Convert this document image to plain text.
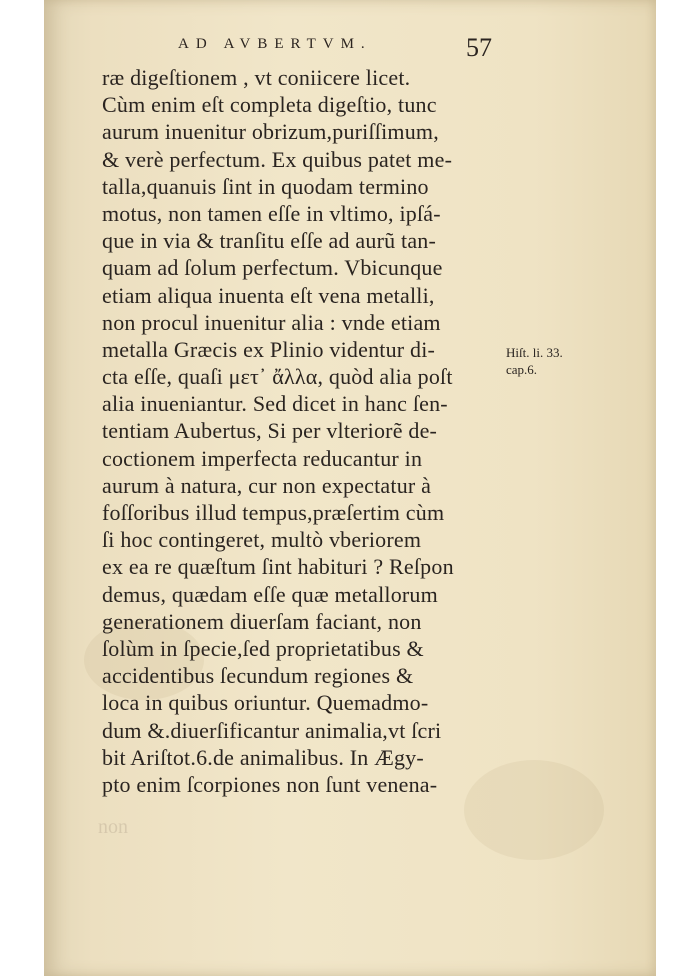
AD AVBERTVM.	57
ræ digeſtionem , vt coniicere licet.
Cùm enim eſt completa digeſtio, tunc
aurum inuenitur obrizum,puriſſimum,
& verè perfectum. Ex quibus patet me-
talla,quanuis ſint in quodam termino
motus, non tamen eſſe in vltimo, ipſá-
que in via & tranſitu eſſe ad aurũ tan-
quam ad ſolum perfectum. Vbicunque
etiam aliqua inuenta eſt vena metalli,
non procul inuenitur alia : vnde etiam
metalla Græcis ex Plinio videntur di-
cta eſſe, quaſi μετ᾽ ἄλλα, quòd alia poſt
alia inueniantur. Sed dicet in hanc ſen-
tentiam Aubertus, Si per vlteriorẽ de-
coctionem imperfecta reducantur in
aurum à natura, cur non expectatur à
foſſoribus illud tempus,præſertim cùm
ſi hoc contingeret, multò vberiorem
ex ea re quæſtum ſint habituri ? Reſpon
demus, quædam eſſe quæ metallorum
generationem diuerſam faciant, non
ſolùm in ſpecie,ſed proprietatibus &
accidentibus ſecundum regiones &
loca in quibus oriuntur. Quemadmo-
dum &.diuerſificantur animalia,vt ſcri
bit Ariſtot.6.de animalibus. In Ægy-
pto enim ſcorpiones non ſunt venena-
Hiſt. li. 33.
cap.6.
non
